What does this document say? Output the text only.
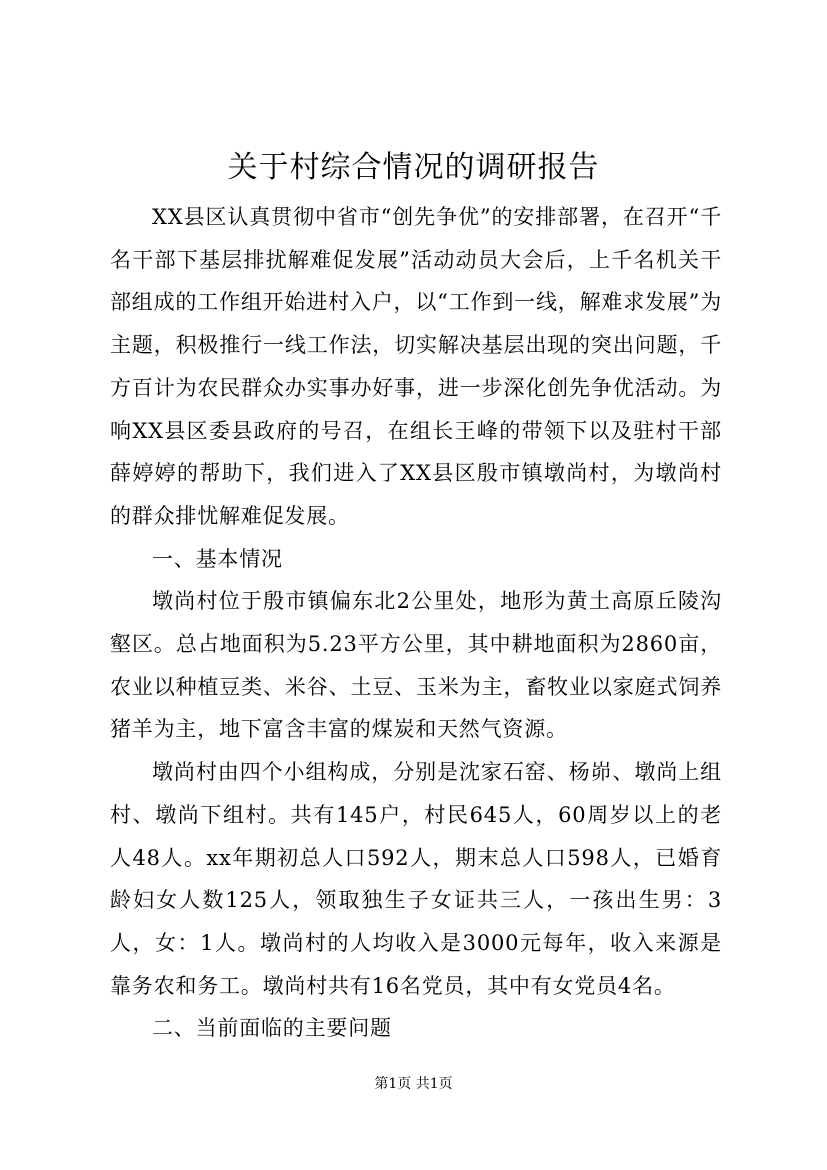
关于村综合情况的调研报告

XX县区认真贯彻中省市“创先争优”的安排部署，在召开“千名干部下基层排扰解难促发展”活动动员大会后，上千名机关干部组成的工作组开始进村入户，以“工作到一线，解难求发展”为主题，积极推行一线工作法，切实解决基层出现的突出问题，千方百计为农民群众办实事办好事，进一步深化创先争优活动。为响XX县区委县政府的号召，在组长王峰的带领下以及驻村干部薛婷婷的帮助下，我们进入了XX县区殷市镇墩尚村，为墩尚村的群众排忧解难促发展。

一、基本情况

墩尚村位于殷市镇偏东北2公里处，地形为黄土高原丘陵沟壑区。总占地面积为5.23平方公里，其中耕地面积为2860亩，农业以种植豆类、米谷、土豆、玉米为主，畜牧业以家庭式饲养猪羊为主，地下富含丰富的煤炭和天然气资源。

墩尚村由四个小组构成，分别是沈家石窑、杨峁、墩尚上组村、墩尚下组村。共有145户，村民645人，60周岁以上的老人48人。xx年期初总人口592人，期末总人口598人，已婚育龄妇女人数125人，领取独生子女证共三人，一孩出生男：3人，女：1人。墩尚村的人均收入是3000元每年，收入来源是靠务农和务工。墩尚村共有16名党员，其中有女党员4名。

二、当前面临的主要问题

第1页 共1页
